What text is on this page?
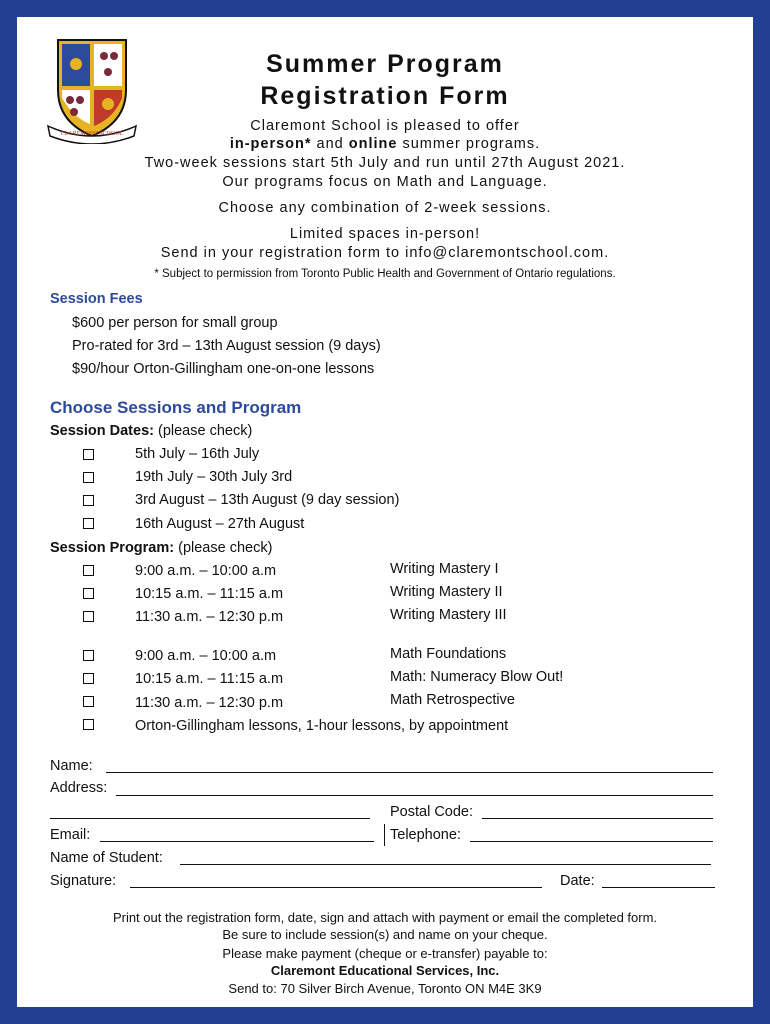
CLAREMONT SCHOOL
Summer Program
Registration Form
Claremont School is pleased to offer
in-person* and online summer programs.
Two-week sessions start 5th July and run until 27th August 2021.
Our programs focus on Math and Language.
Choose any combination of 2-week sessions.
Limited spaces in-person!
Send in your registration form to info@claremontschool.com.
* Subject to permission from Toronto Public Health and Government of Ontario regulations.
Session Fees
$600 per person for small group
Pro-rated for 3rd – 13th August session (9 days)
$90/hour Orton-Gillingham one-on-one lessons
Choose Sessions and Program
Session Dates: (please check)
5th July – 16th July
19th July – 30th July 3rd
3rd August – 13th August (9 day session)
16th August – 27th August
Session Program: (please check)
9:00 a.m. – 10:00 a.m	Writing Mastery I
10:15 a.m. – 11:15 a.m	Writing Mastery II
11:30 a.m. – 12:30 p.m	Writing Mastery III
9:00 a.m. – 10:00 a.m	Math Foundations
10:15 a.m. – 11:15 a.m	Math: Numeracy Blow Out!
11:30 a.m. – 12:30 p.m	Math Retrospective
Orton-Gillingham lessons, 1-hour lessons, by appointment
Name:
Address:
Postal Code:
Email:	Telephone:
Name of Student:
Signature:	Date:
Print out the registration form, date, sign and attach with payment or email the completed form.
Be sure to include session(s) and name on your cheque.
Please make payment (cheque or e-transfer) payable to:
Claremont Educational Services, Inc.
Send to: 70 Silver Birch Avenue, Toronto ON M4E 3K9
